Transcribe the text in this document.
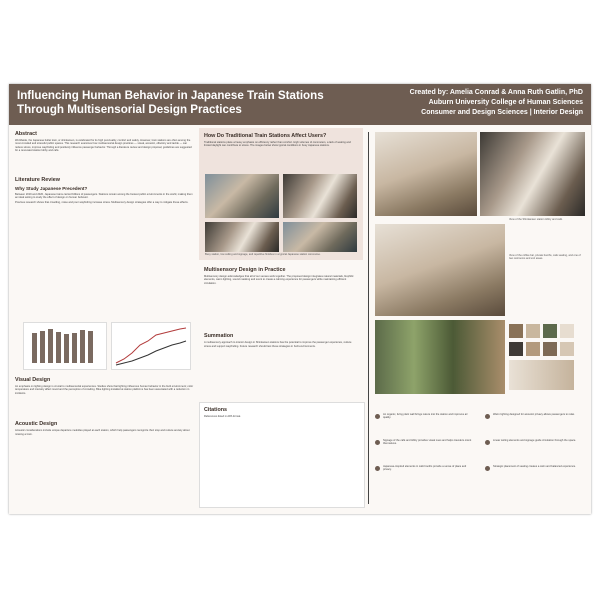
Influencing Human Behavior in Japanese Train Stations Through Multisensorial Design Practices
Created by: Amelia Conrad & Anna Ruth Gatlin, PhD
Auburn University College of Human Sciences
Consumer and Design Sciences | Interior Design
Abstract
Worldwide, the Japanese bullet train, or shinkansen, is celebrated for its high punctuality, comfort and safety. However, train stations are often among the most crowded and stressful public spaces. This research examines how multisensorial design practices — visual, acoustic, olfactory and tactile — can reduce stress, improve wayfinding and positively influence passenger behavior. Through a literature review and design proposal, guidelines are suggested for a renovated station lobby and café.
Literature Review
Why Study Japanese Precedent?
Between 2019 and 2020, Japanese trains carried billions of passengers. Stations remain among the busiest public environments in the world, making them an ideal setting to study the effect of design on human behavior.
Previous research shows that crowding, noise and poor wayfinding increase stress. Multisensory design strategies offer a way to mitigate these effects.
Visual Design
An emphasis on lighting design is crucial to multisensorial experiences. Studies show that lighting influences human behavior in the built environment; color temperature and intensity affect mood and the perception of crowding. Blue lighting installed at station platforms has been associated with a reduction in incidents.
Acoustic Design
Acoustic considerations include unique departure melodies played at each station, which help passengers recognize their stop and reduce anxiety about missing a train.
How Do Traditional Train Stations Affect Users?
Traditional stations place a heavy emphasis on efficiency rather than comfort. High volumes of commuters, a lack of seating and limited daylight can contribute to stress. The images below show typical conditions in busy Japanese stations.
Busy station, low ceiling and signage, and repetitive finishes in a typical Japanese station concourse.
Multisensory Design in Practice
Multisensory design acknowledges that all of our senses work together. The proposed design integrates natural materials, biophilic elements, warm lighting, sound masking and scent to create a calming experience for passengers while maintaining efficient circulation.
Summation
A multisensory approach to interior design in Shinkansen stations has the potential to improve the passenger experience, reduce stress and support wayfinding. Future research should test these strategies in built environments.
Citations
References listed in APA format.
View of the Shinkansen station lobby and café.
View of the coffee bar, private booths, cafe seating, and one of two restrooms and exit areas.
An organic, living plant wall brings nature into the station and improves air quality.
Signage of the café and lobby provides visual cues and helps travelers orient themselves.
Japanese-inspired elements in café booths provide a sense of place and privacy.
Warm lighting designed for acoustic privacy allows passengers to relax.
Linear ceiling elements and signage guide circulation through the space.
Strategic placement of seating creates a calm and balanced experience.
